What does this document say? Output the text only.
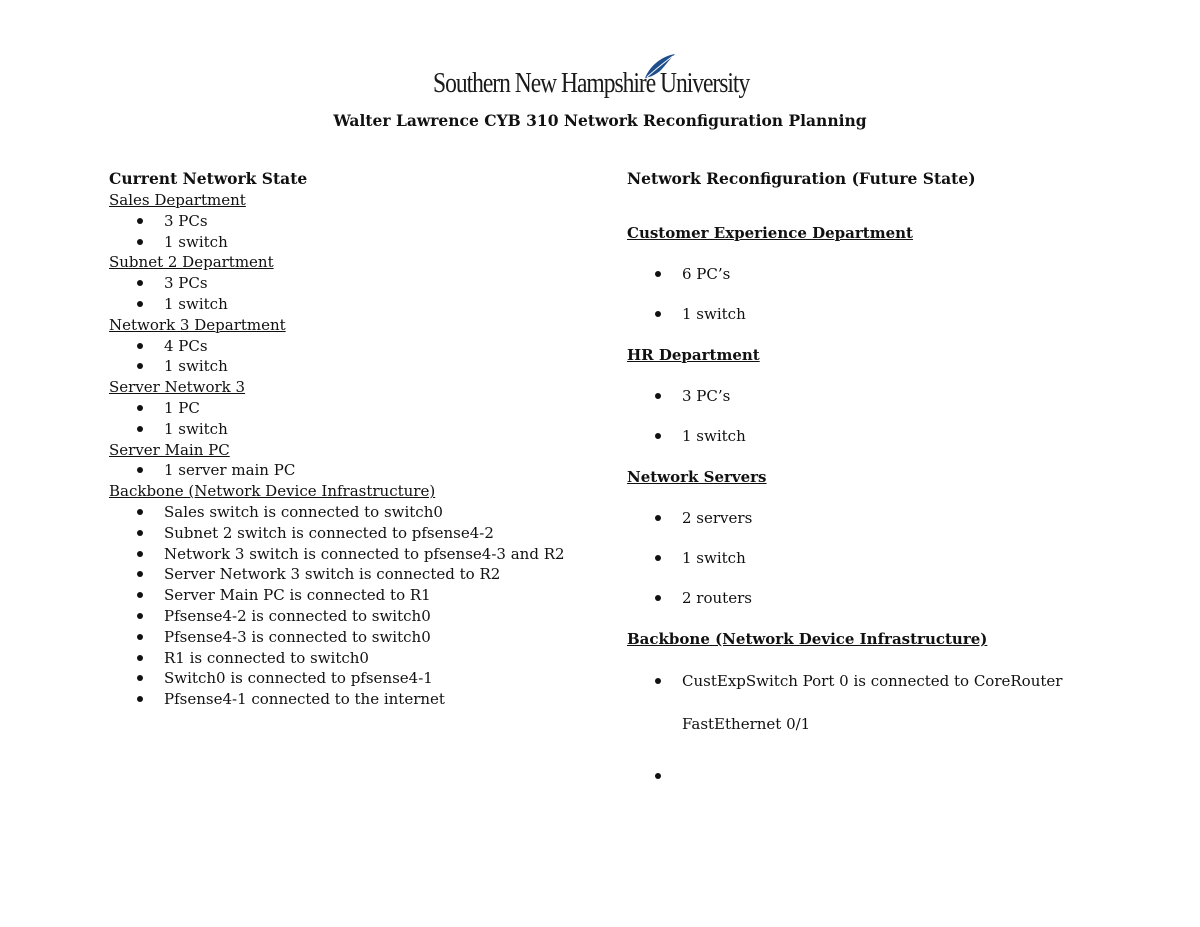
Southern New Hampshire University
Walter Lawrence CYB 310 Network Reconfiguration Planning
Current Network State
Sales Department
3 PCs
1 switch
Subnet 2 Department
3 PCs
1 switch
Network 3 Department
4 PCs
1 switch
Server Network 3
1 PC
1 switch
Server Main PC
1 server main PC
Backbone (Network Device Infrastructure)
Sales switch is connected to switch0
Subnet 2 switch is connected to pfsense4-2
Network 3 switch is connected to pfsense4-3 and R2
Server Network 3 switch is connected to R2
Server Main PC is connected to R1
Pfsense4-2 is connected to switch0
Pfsense4-3 is connected to switch0
R1 is connected to switch0
Switch0 is connected to pfsense4-1
Pfsense4-1 connected to the internet
Network Reconfiguration (Future State)
Customer Experience Department
6 PC’s
1 switch
HR Department
3 PC’s
1 switch
Network Servers
2 servers
1 switch
2 routers
Backbone (Network Device Infrastructure)
CustExpSwitch Port 0 is connected to CoreRouter FastEthernet 0/1
